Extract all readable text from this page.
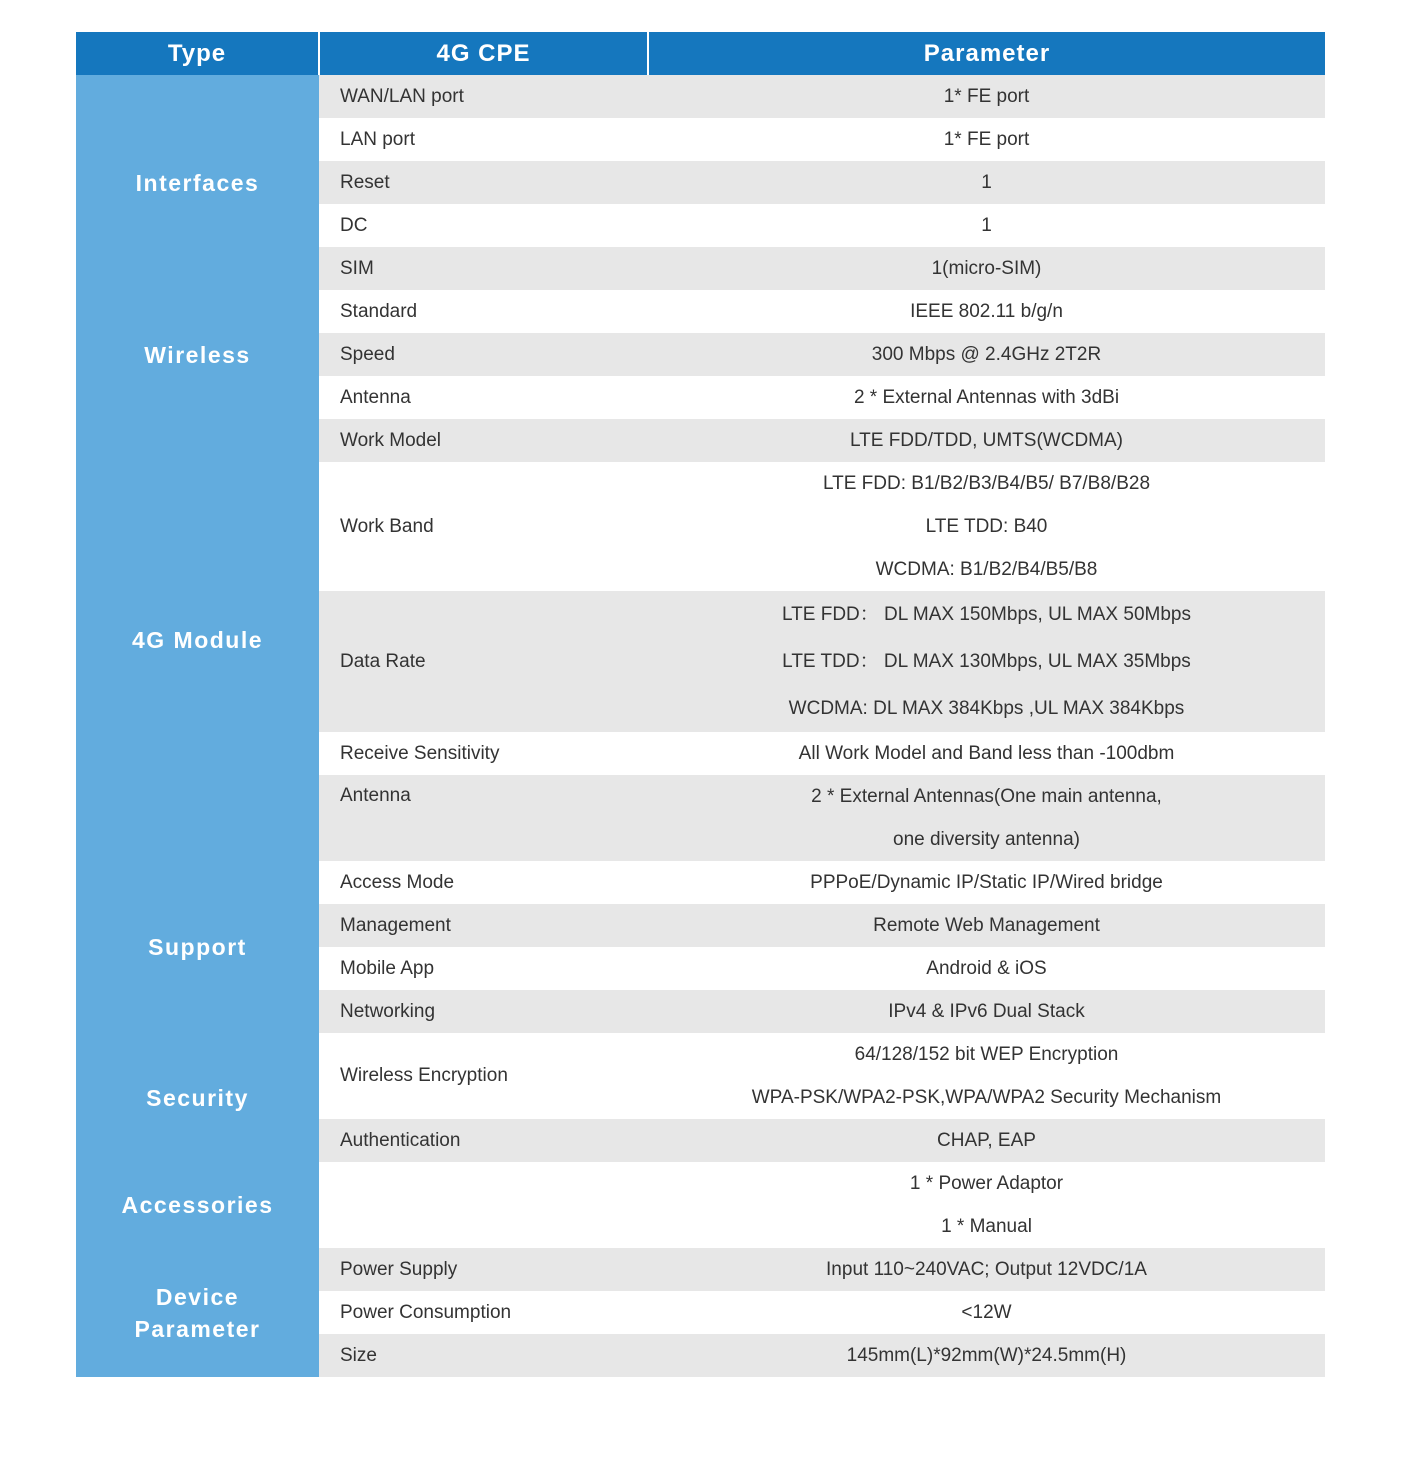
Type	4G CPE	Parameter
Interfaces	WAN/LAN port	1* FE port

	LAN port	1* FE port

	Reset	1

	DC	1

	SIM	1(micro-SIM)

Wireless	Standard	IEEE 802.11 b/g/n

	Speed	300 Mbps @ 2.4GHz 2T2R

	Antenna	2 * External Antennas with 3dBi

4G Module	Work Model	LTE FDD/TDD, UMTS(WCDMA)

	Work Band	LTE FDD: B1/B2/B3/B4/B5/ B7/B8/B28
LTE TDD: B40
WCDMA: B1/B2/B4/B5/B8

	Data Rate	LTE FDD： DL MAX 150Mbps, UL MAX 50Mbps
LTE TDD： DL MAX 130Mbps, UL MAX 35Mbps
WCDMA: DL MAX 384Kbps ,UL MAX 384Kbps

	Receive Sensitivity	All Work Model and Band less than -100dbm

	Antenna	2 * External Antennas(One main antenna,
one diversity antenna)

Support	Access Mode	PPPoE/Dynamic IP/Static IP/Wired bridge

	Management	Remote Web Management

	Mobile App	Android & iOS

	Networking	IPv4 & IPv6 Dual Stack

Security	Wireless Encryption	64/128/152 bit WEP Encryption
WPA-PSK/WPA2-PSK,WPA/WPA2 Security Mechanism

	Authentication	CHAP, EAP

Accessories		1 * Power Adaptor
1 * Manual

Device
Parameter	Power Supply	Input 110~240VAC; Output 12VDC/1A

	Power Consumption	<12W

	Size	145mm(L)*92mm(W)*24.5mm(H)
